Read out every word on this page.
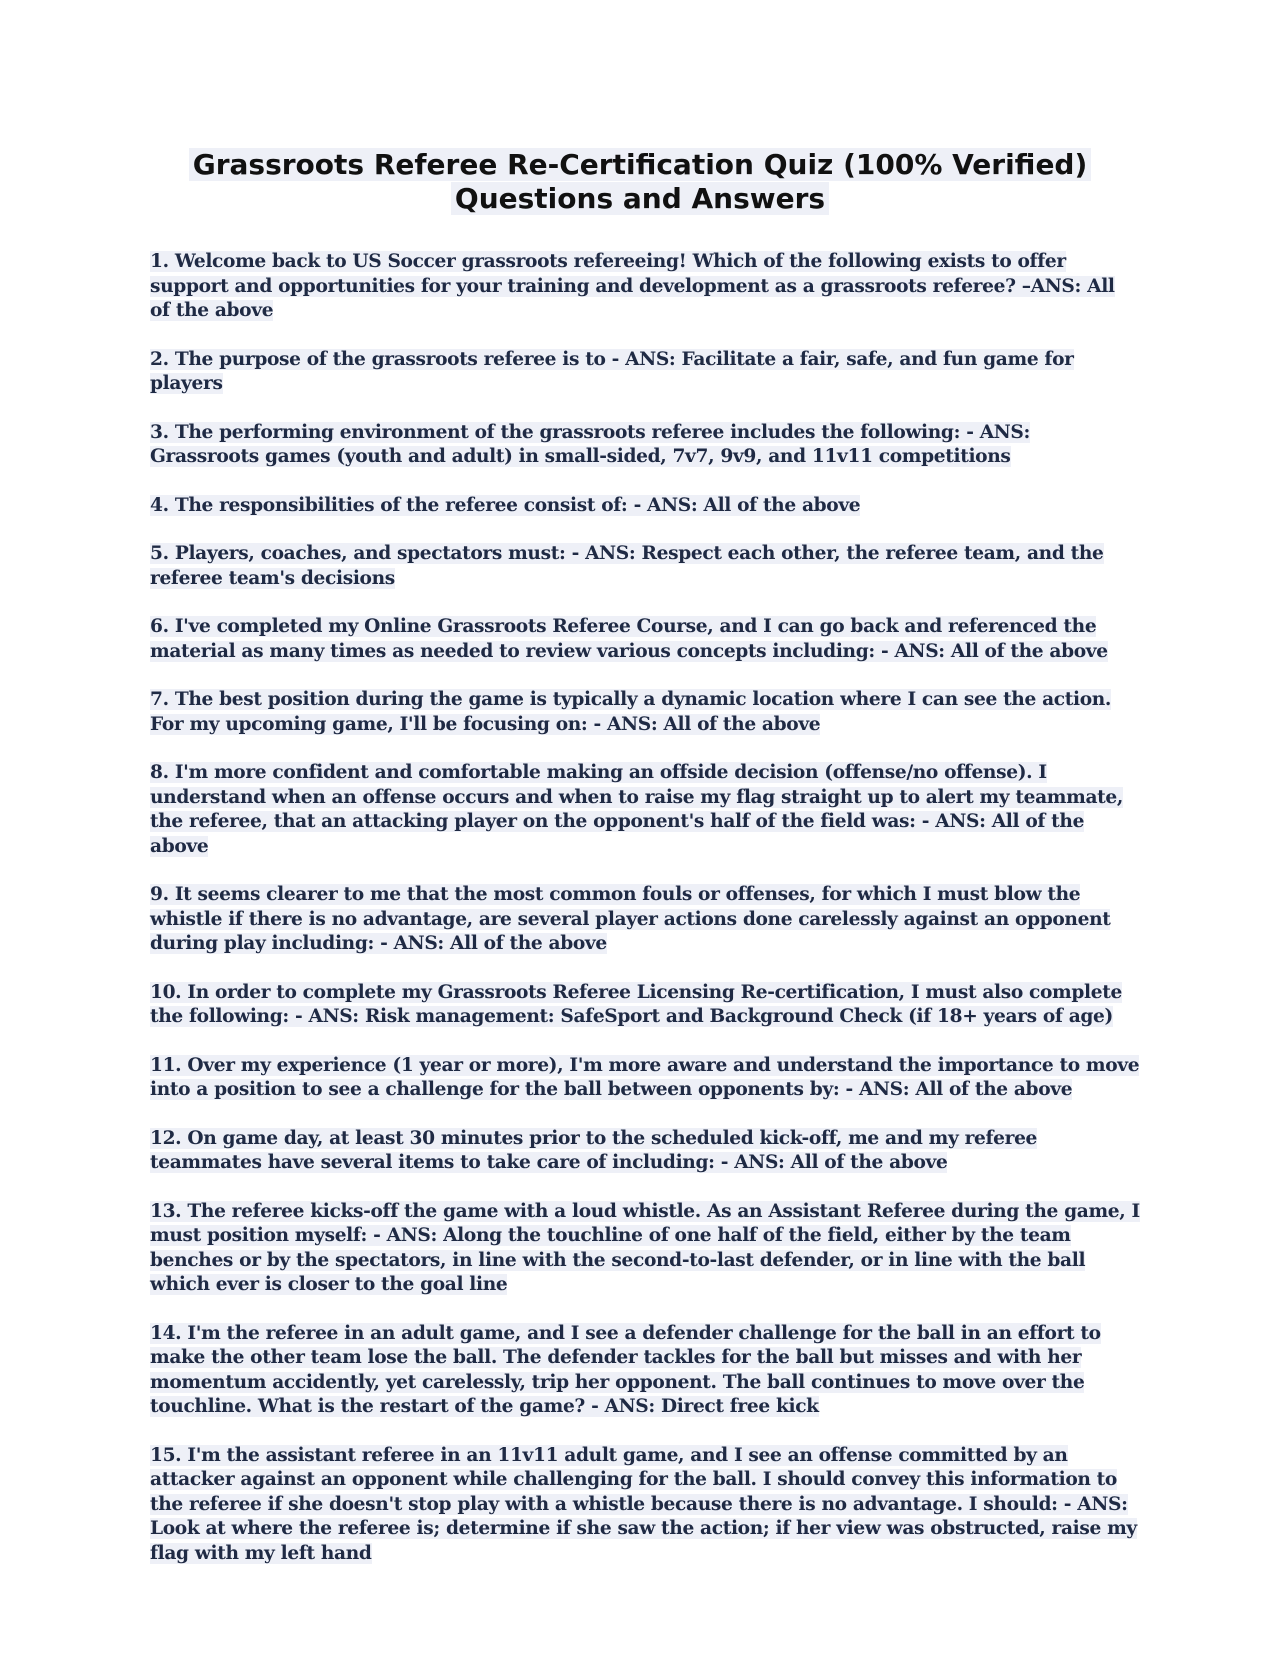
Grassroots Referee Re-Certification Quiz (100% Verified)
Questions and Answers
1. Welcome back to US Soccer grassroots refereeing! Which of the following exists to offer support and opportunities for your training and development as a grassroots referee? –ANS: All of the above
2. The purpose of the grassroots referee is to - ANS: Facilitate a fair, safe, and fun game for players
3. The performing environment of the grassroots referee includes the following: - ANS: Grassroots games (youth and adult) in small-sided, 7v7, 9v9, and 11v11 competitions
4. The responsibilities of the referee consist of: - ANS: All of the above
5. Players, coaches, and spectators must: - ANS: Respect each other, the referee team, and the referee team's decisions
6. I've completed my Online Grassroots Referee Course, and I can go back and referenced the material as many times as needed to review various concepts including: - ANS: All of the above
7. The best position during the game is typically a dynamic location where I can see the action. For my upcoming game, I'll be focusing on: - ANS: All of the above
8. I'm more confident and comfortable making an offside decision (offense/no offense). I understand when an offense occurs and when to raise my flag straight up to alert my teammate, the referee, that an attacking player on the opponent's half of the field was: - ANS: All of the above
9. It seems clearer to me that the most common fouls or offenses, for which I must blow the whistle if there is no advantage, are several player actions done carelessly against an opponent during play including: - ANS: All of the above
10. In order to complete my Grassroots Referee Licensing Re-certification, I must also complete the following: - ANS: Risk management: SafeSport and Background Check (if 18+ years of age)
11. Over my experience (1 year or more), I'm more aware and understand the importance to move into a position to see a challenge for the ball between opponents by: - ANS: All of the above
12. On game day, at least 30 minutes prior to the scheduled kick-off, me and my referee teammates have several items to take care of including: - ANS: All of the above
13. The referee kicks-off the game with a loud whistle. As an Assistant Referee during the game, I must position myself: - ANS: Along the touchline of one half of the field, either by the team benches or by the spectators, in line with the second-to-last defender, or in line with the ball which ever is closer to the goal line
14. I'm the referee in an adult game, and I see a defender challenge for the ball in an effort to make the other team lose the ball. The defender tackles for the ball but misses and with her momentum accidently, yet carelessly, trip her opponent. The ball continues to move over the touchline. What is the restart of the game? - ANS: Direct free kick
15. I'm the assistant referee in an 11v11 adult game, and I see an offense committed by an attacker against an opponent while challenging for the ball. I should convey this information to the referee if she doesn't stop play with a whistle because there is no advantage. I should: - ANS: Look at where the referee is; determine if she saw the action; if her view was obstructed, raise my flag with my left hand
